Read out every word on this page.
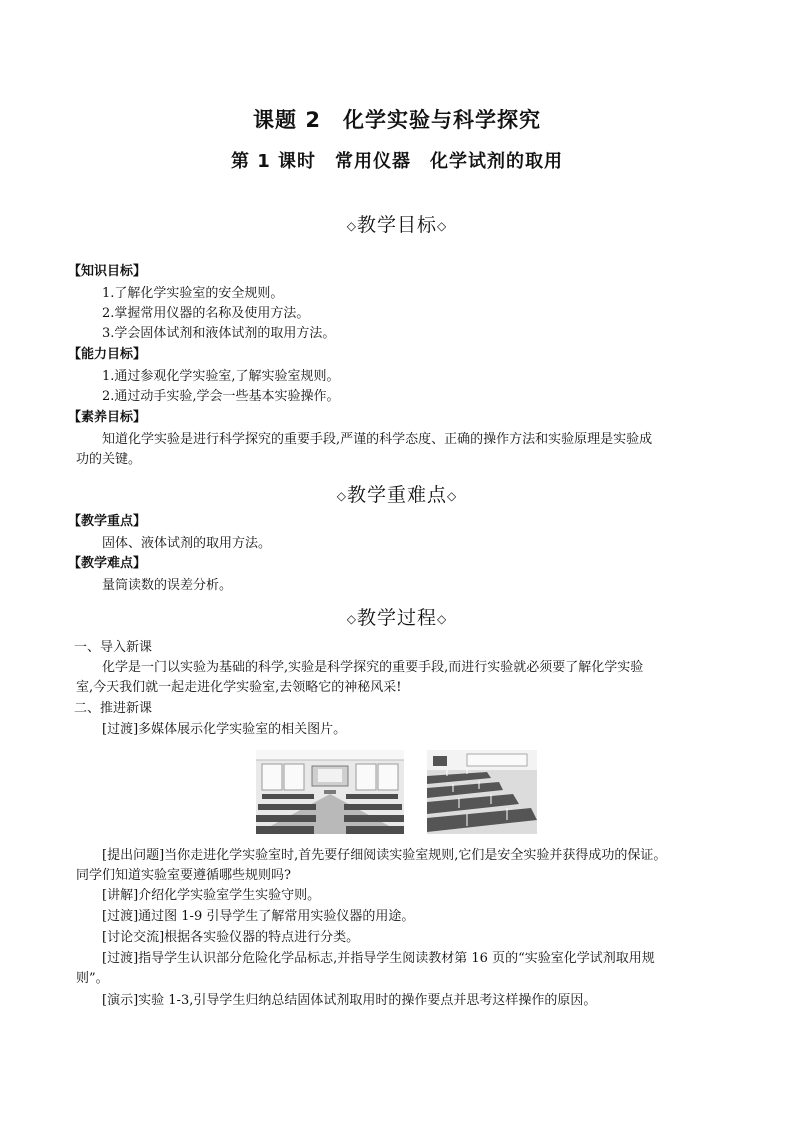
课题 2　化学实验与科学探究
第 1 课时　常用仪器　化学试剂的取用
◇教学目标◇
【知识目标】
1.了解化学实验室的安全规则。
2.掌握常用仪器的名称及使用方法。
3.学会固体试剂和液体试剂的取用方法。
【能力目标】
1.通过参观化学实验室,了解实验室规则。
2.通过动手实验,学会一些基本实验操作。
【素养目标】
知道化学实验是进行科学探究的重要手段,严谨的科学态度、正确的操作方法和实验原理是实验成
功的关键。
◇教学重难点◇
【教学重点】
固体、液体试剂的取用方法。
【教学难点】
量筒读数的误差分析。
◇教学过程◇
一、导入新课
化学是一门以实验为基础的科学,实验是科学探究的重要手段,而进行实验就必须要了解化学实验
室,今天我们就一起走进化学实验室,去领略它的神秘风采!
二、推进新课
[过渡]多媒体展示化学实验室的相关图片。
[提出问题]当你走进化学实验室时,首先要仔细阅读实验室规则,它们是安全实验并获得成功的保证。
同学们知道实验室要遵循哪些规则吗?
[讲解]介绍化学实验室学生实验守则。
[过渡]通过图 1-9 引导学生了解常用实验仪器的用途。
[讨论交流]根据各实验仪器的特点进行分类。
[过渡]指导学生认识部分危险化学品标志,并指导学生阅读教材第 16 页的“实验室化学试剂取用规
则”。
[演示]实验 1-3,引导学生归纳总结固体试剂取用时的操作要点并思考这样操作的原因。
